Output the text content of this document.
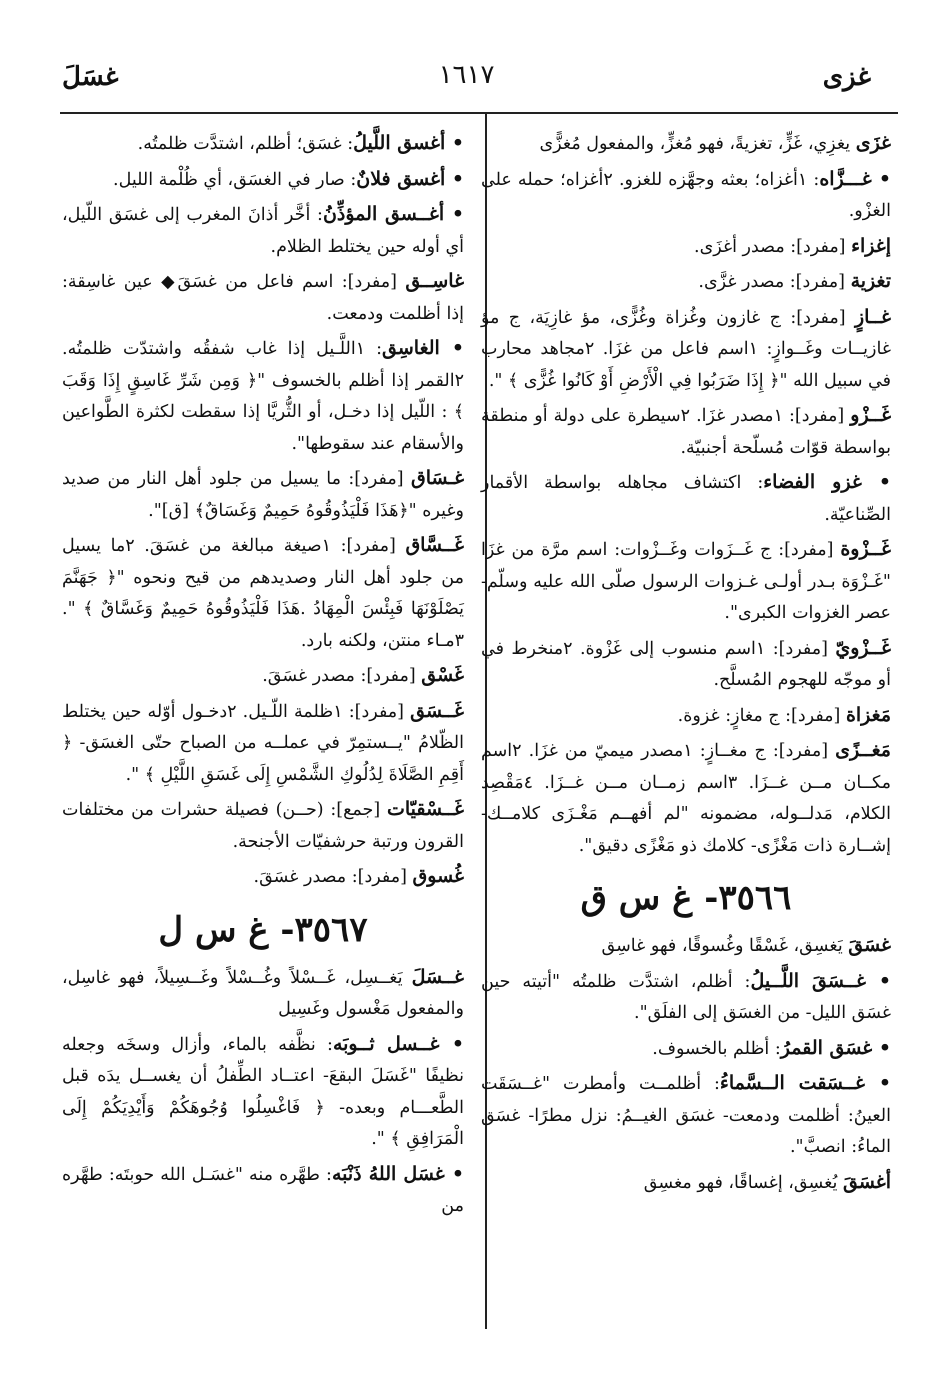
غزى
١٦١٧
غسَلَ

غزَى يغزِي، غَزٍّ، تغزيةً، فهو مُغزٍّ، والمفعول مُغزًّى

• غـــزَّاه: ١أغزاه؛ بعثه وجهَّزه للغزو. ٢أغزاه؛ حمله على الغزْو.

إغزاء [مفرد]: مصدر أغزَى.

تغزية [مفرد]: مصدر غزَّى.

غــازٍ [مفرد]: ج غازون وغُزاة وغُزًّى، مؤ غازِيَة، ج مؤ غازيــات وغَــوازٍ: ١اسم فاعل من غزَا. ٢مجاهد محارب في سبيل الله "﴿ إِذَا ضَرَبُوا فِي الْأَرْضِ أَوْ كَانُوا غُزًّى ﴾ ".

غَــزْو [مفرد]: ١مصدر غزَا. ٢سيطرة على دولة أو منطقة بواسطة قوّات مُسلّحة أجنبيّة.

• غزو الفضاء: اكتشاف مجاهله بواسطة الأقمار الصِّناعيّة.

غَــزْوة [مفرد]: ج غَــزَوات وغَــزْوات: اسم مرَّة من غزَا "غَـزْوَة بـدر أولـى غـزوات الرسول صلّى الله عليه وسلّم- عصر الغزوات الكبرى".

غَــزْويّ [مفرد]: ١اسم منسوب إلى غَزْوة. ٢منخرط في أو موجّه للهجوم المُسلَّح.

مَغزاة [مفرد]: ج مغازٍ: غزوة.

مَغــزًى [مفرد]: ج مغــازٍ: ١مصدر ميميّ من غزَا. ٢اسم مكــان مــن غــزَا. ٣اسم زمــان مــن غــزَا. ٤مَقْصِد الكلام، مَدلــوله، مضمونه "لم أفهــم مَغْـزَى كلامــك- إشــارة ذات مَغْزًى- كلامك ذو مَغْزًى دقيق".

٣٥٦٦- غ س ق

غسَقَ يَغسِق، غَسْقًا وغُسوقًا، فهو غاسِق

• غــسَقَ اللَّــيلُ: أظلم، اشتدَّت ظلمتُه "أتيته حين غسَق الليل- من الغسَق إلى الفلَق".

• غسَق القمرُ: أظلم بالخسوف.

• غــسَقت الــسَّماءُ: أظلمــت وأمطرت "غــسَقَت العينُ: أظلمت ودمعت- غسَق الغيــمُ: نزل مطرًا- غسَق الماءُ: انصبَّ".

أغسَقَ يُغسِق، إغساقًا، فهو مغسِق

• أغسق اللَّيلُ: غسَق؛ أظلم، اشتدَّت ظلمتُه.

• أغسق فلانٌ: صار في الغسَق، أي ظُلْمة الليل.

• أغــسق المؤذِّنُ: أخَّر أذانَ المغرب إلى غسَق اللّيل، أي أوله حين يختلط الظلام.

غاسِــق [مفرد]: اسم فاعل من غسَقَ◆ عين غاسِقة: إذا أظلمت ودمعت.

• الغاسِق: ١اللَّـيل إذا غاب شفقُه واشتدّت ظلمتُه. ٢القمر إذا أظلم بالخسوف "﴿ وَمِن شَرِّ غَاسِقٍ إِذَا وَقَبَ ﴾ : اللّيل إذا دخـل، أو الثُّريَّا إذا سقطت لكثرة الطَّواعين والأسقام عند سقوطها".

غـسَاق [مفرد]: ما يسيل من جلود أهل النار من صديد وغيره "﴿هَذَا فَلْيَذُوقُوهُ حَمِيمٌ وَغَسَاقٌ﴾ [ق]".

غَــسَّاق [مفرد]: ١صيغة مبالغة من غسَقَ. ٢ما يسيل من جلود أهل النار وصديدهم من قيح ونحوه "﴿ جَهَنَّمَ يَصْلَوْنَهَا فَبِئْسَ الْمِهَادُ .هَذَا فَلْيَذُوقُوهُ حَمِيمٌ وَغَسَّاقٌ ﴾ ". ٣مـاء منتن، ولكنه بارد.

غَسْق [مفرد]: مصدر غسَقَ.

غَــسَق [مفرد]: ١ظلمة اللّـيل. ٢دخـول أوّله حين يختلط الظّلامُ "يــستمِرّ في عملــه من الصباح حتّى الغسَق- ﴿ أَقِمِ الصَّلَاةَ لِدُلُوكِ الشَّمْسِ إِلَى غَسَقِ اللَّيْلِ ﴾ ".

غَــسْقيّات [جمع]: (حــن) فصيلة حشرات من مختلفات القرون ورتبة حرشفيّات الأجنحة.

غُسوق [مفرد]: مصدر غسَقَ.

٣٥٦٧- غ س ل

غــسَلَ يَغــسِل، غَــسْلاً وغُــسْلاً وغَــسِيلاً، فهو غاسِل، والمفعول مَغْسول وغَسِيل

• غــسل ثــوبَه: نظَّفه بالماء، وأزال وسخَه وجعله نظيفًا "غَسَلَ البقعَ- اعتــاد الطِّفلُ أن يغســل يدَه قبل الطَّعـــام وبعده- ﴿ فَاغْسِلُوا وُجُوهَكُمْ وَأَيْدِيَكُمْ إِلَى الْمَرَافِقِ ﴾ ".

• غسَل اللهُ ذَنْبَه: طهَّره منه "غسَـل الله حوبتَه: طهَّره من
